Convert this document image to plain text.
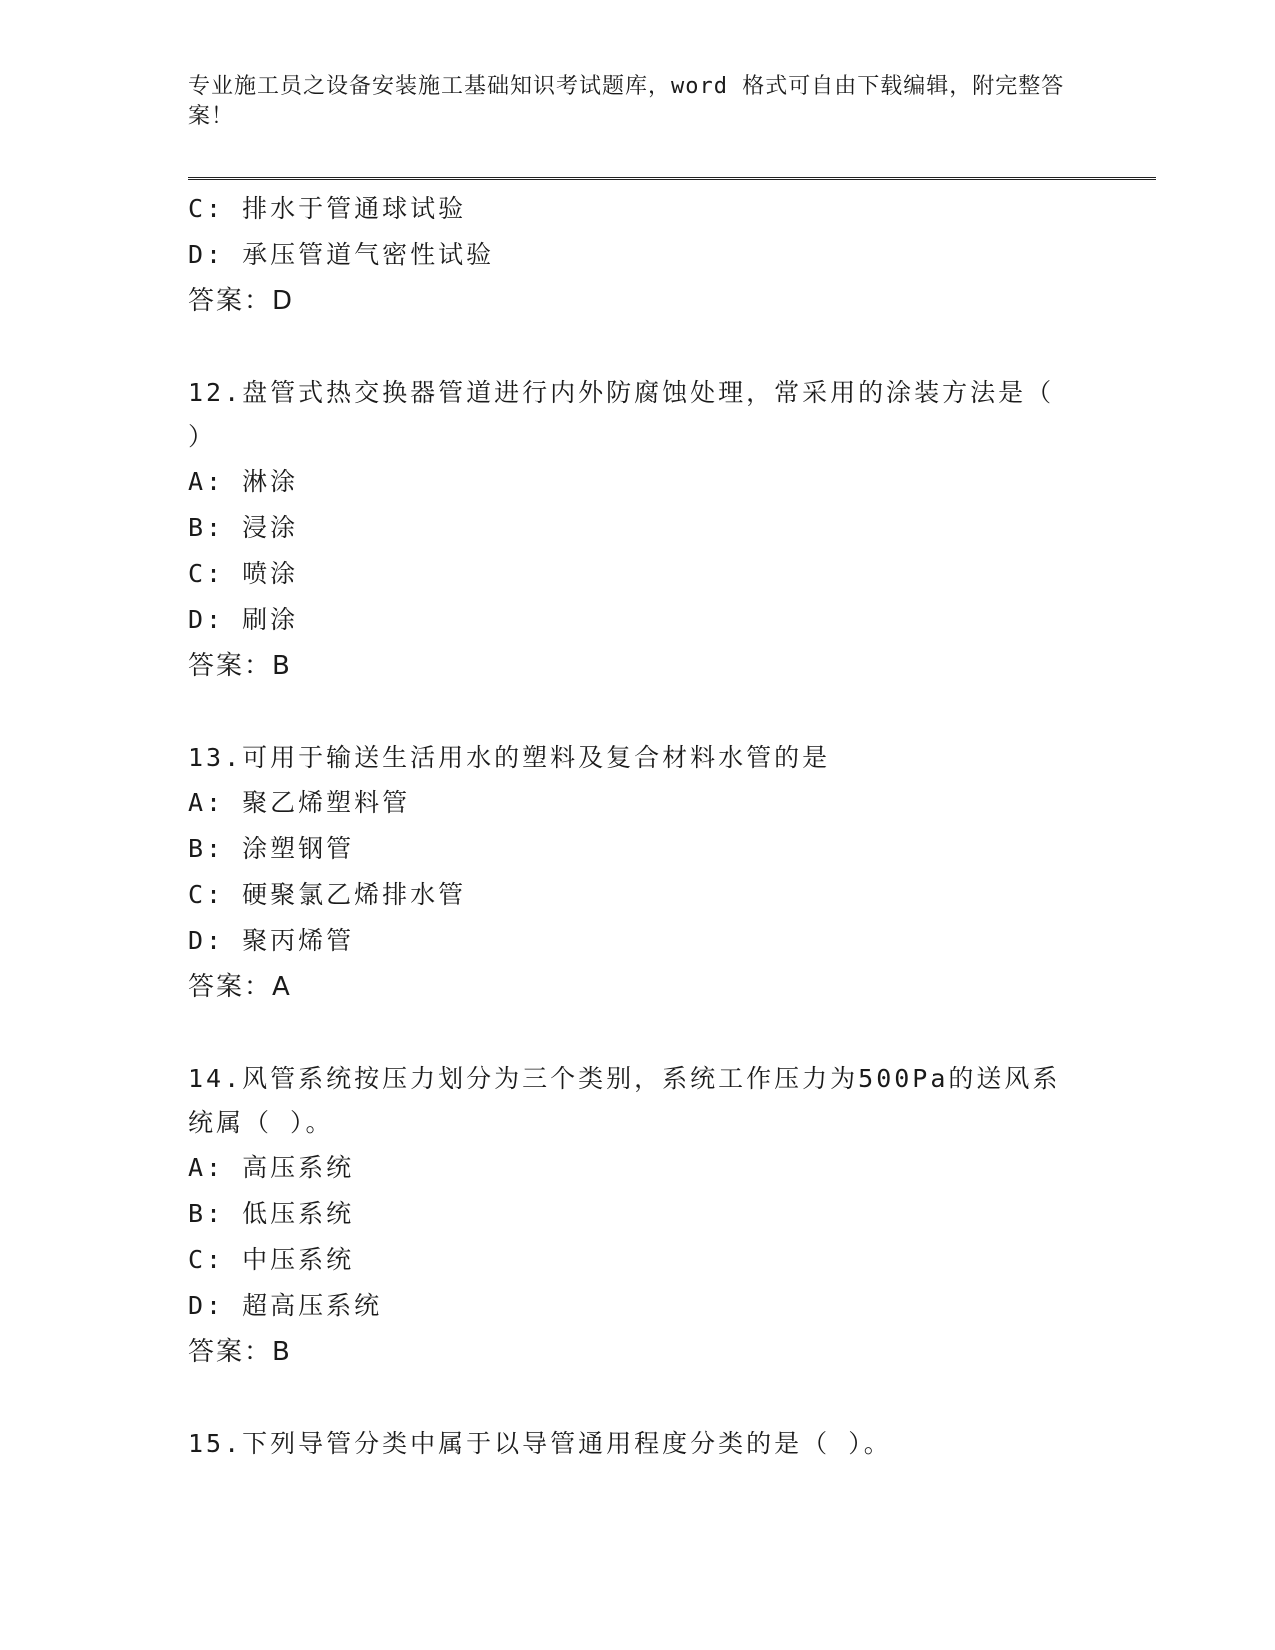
专业施工员之设备安装施工基础知识考试题库，word 格式可自由下载编辑，附完整答案！
C: 排水于管通球试验
D: 承压管道气密性试验
答案：D
12.盘管式热交换器管道进行内外防腐蚀处理，常采用的涂装方法是（ ）
A: 淋涂
B: 浸涂
C: 喷涂
D: 刷涂
答案：B
13.可用于输送生活用水的塑料及复合材料水管的是
A: 聚乙烯塑料管
B: 涂塑钢管
C: 硬聚氯乙烯排水管
D: 聚丙烯管
答案：A
14.风管系统按压力划分为三个类别，系统工作压力为500Pa的送风系统属（ ）。
A: 高压系统
B: 低压系统
C: 中压系统
D: 超高压系统
答案：B
15.下列导管分类中属于以导管通用程度分类的是（ ）。
